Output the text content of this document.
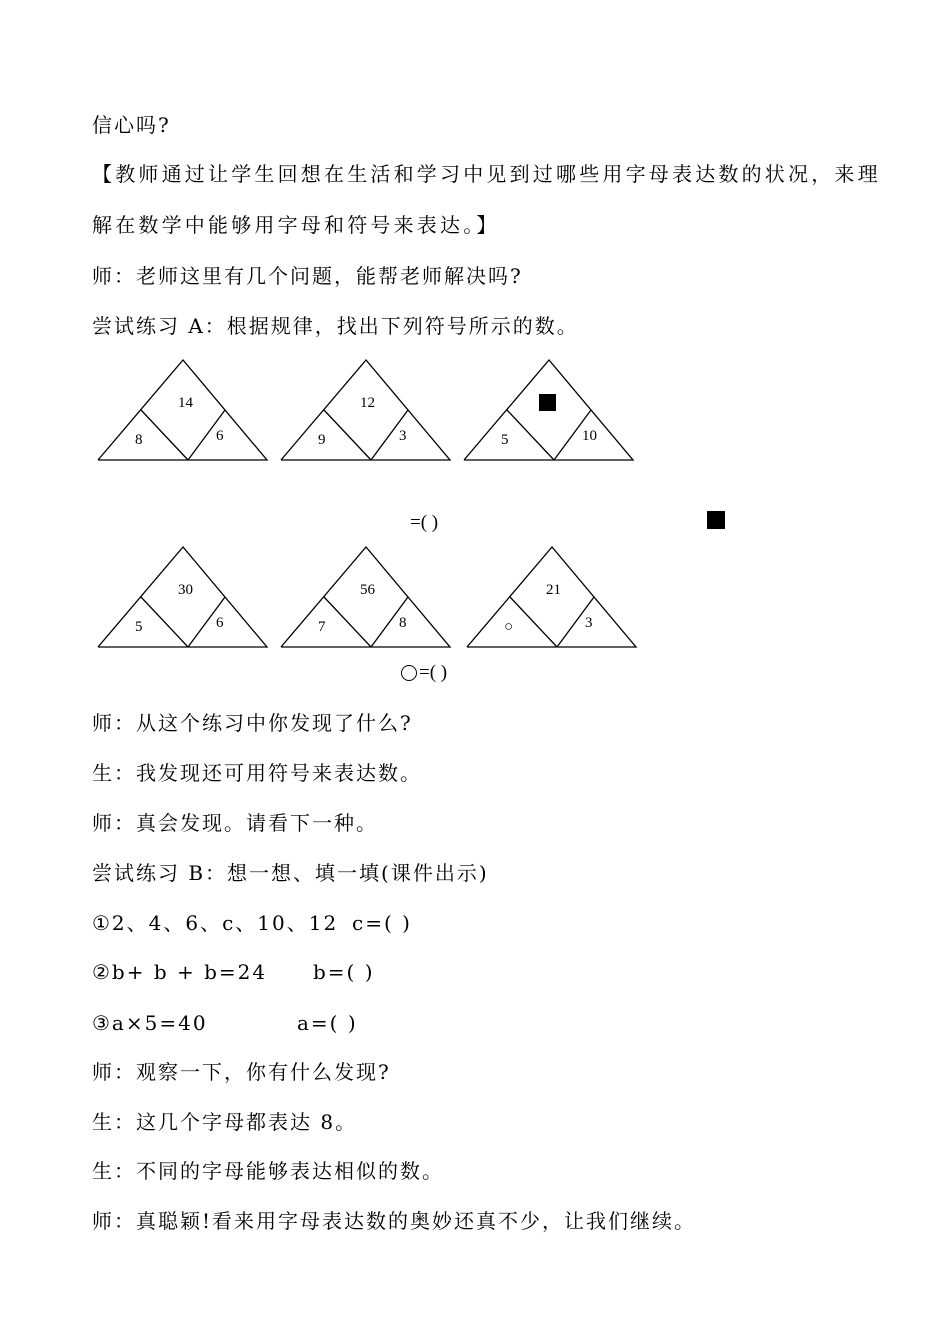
信心吗?
【教师通过让学生回想在生活和学习中见到过哪些用字母表达数的状况，来理
解在数学中能够用字母和符号来表达。】
师：老师这里有几个问题，能帮老师解决吗?
尝试练习 A：根据规律，找出下列符号所示的数。
14
8	6
12
9	3	5	10
=( )
30
5	6
56
7	8
21
○	3
=( )
师：从这个练习中你发现了什么?
生：我发现还可用符号来表达数。
师：真会发现。请看下一种。
尝试练习 B：想一想、填一填(课件出示)
①2、4、6、c、10、12 c=( )
②b+ b + b=24 b=( )
③a×5=40	a=( )
师：观察一下，你有什么发现?
生：这几个字母都表达 8。
生：不同的字母能够表达相似的数。
师：真聪颖!看来用字母表达数的奥妙还真不少，让我们继续。
